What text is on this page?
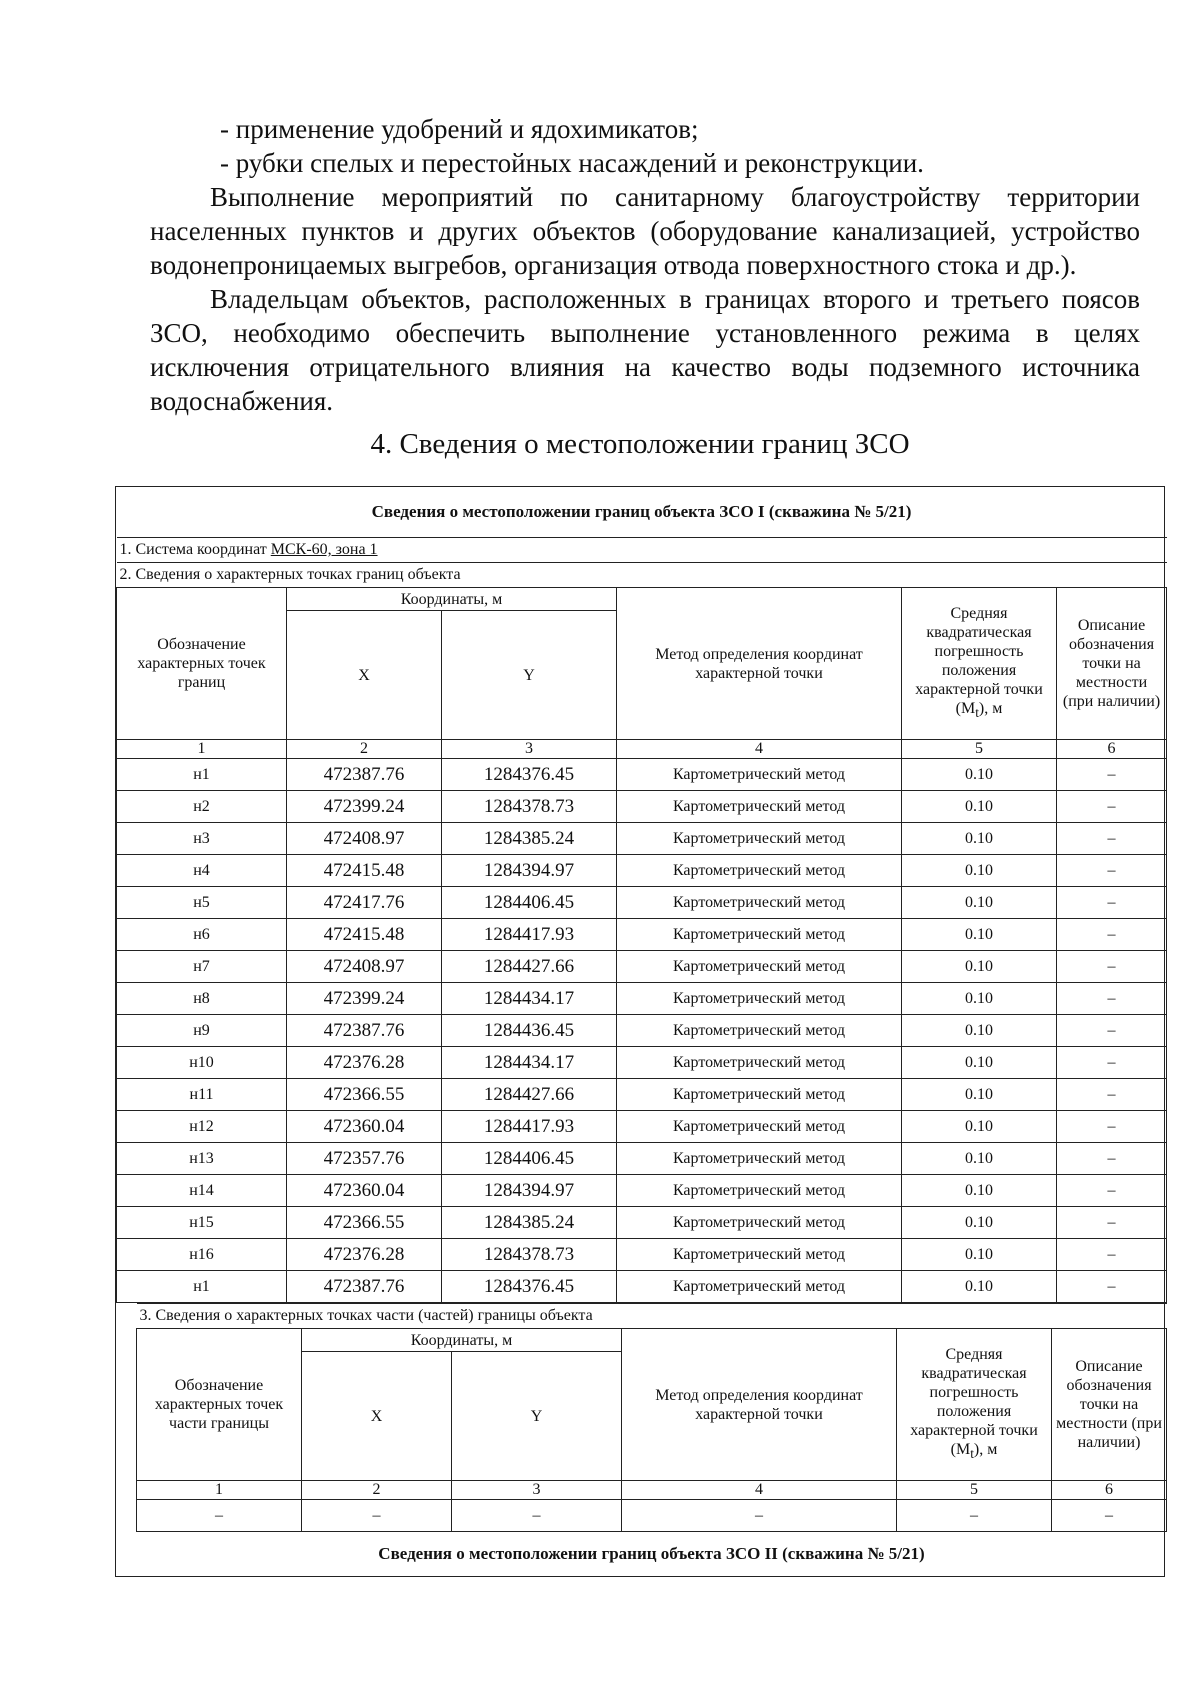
- применение удобрений и ядохимикатов;

- рубки спелых и перестойных насаждений и реконструкции.

Выполнение мероприятий по санитарному благоустройству территории населенных пунктов и других объектов (оборудование канализацией, устройство водонепроницаемых выгребов, организация отвода поверхностного стока и др.).

Владельцам объектов, расположенных в границах второго и третьего поясов ЗСО, необходимо обеспечить выполнение установленного режима в целях исключения отрицательного влияния на качество воды подземного источника водоснабжения.

4. Сведения о местоположении границ ЗСО
Сведения о местоположении границ объекта ЗСО I (скважина № 5/21)					
1. Система координат МСК-60, зона 1					
2. Сведения о характерных точках границ объекта					
Обозначение характерных точек границ	Координаты, м		Метод определения координат характерной точки	Средняя квадратическая погрешность положения характерной точки $(M_t)$, м	Описание обозначения точки на местности (при наличии)
	X	Y			
1	2	3	4	5	6
н1	472387.76	1284376.45	Картометрический метод	0.10	–
н2	472399.24	1284378.73	Картометрический метод	0.10	–
н3	472408.97	1284385.24	Картометрический метод	0.10	–
н4	472415.48	1284394.97	Картометрический метод	0.10	–
н5	472417.76	1284406.45	Картометрический метод	0.10	–
н6	472415.48	1284417.93	Картометрический метод	0.10	–
н7	472408.97	1284427.66	Картометрический метод	0.10	–
н8	472399.24	1284434.17	Картометрический метод	0.10	–
н9	472387.76	1284436.45	Картометрический метод	0.10	–
н10	472376.28	1284434.17	Картометрический метод	0.10	–
н11	472366.55	1284427.66	Картометрический метод	0.10	–
н12	472360.04	1284417.93	Картометрический метод	0.10	–
н13	472357.76	1284406.45	Картометрический метод	0.10	–
н14	472360.04	1284394.97	Картометрический метод	0.10	–
н15	472366.55	1284385.24	Картометрический метод	0.10	–
н16	472376.28	1284378.73	Картометрический метод	0.10	–
н1	472387.76	1284376.45	Картометрический метод	0.10	–
3. Сведения о характерных точках части (частей) границы объекта					
Обозначение характерных точек части границы	Координаты, м		Метод определения координат характерной точки	Средняя квадратическая погрешность положения характерной точки $(M_t)$, м	Описание обозначения точки на местности (при наличии)
	X	Y			
1	2	3	4	5	6
–	–	–	–	–	–
Сведения о местоположении границ объекта ЗСО II (скважина № 5/21)					
